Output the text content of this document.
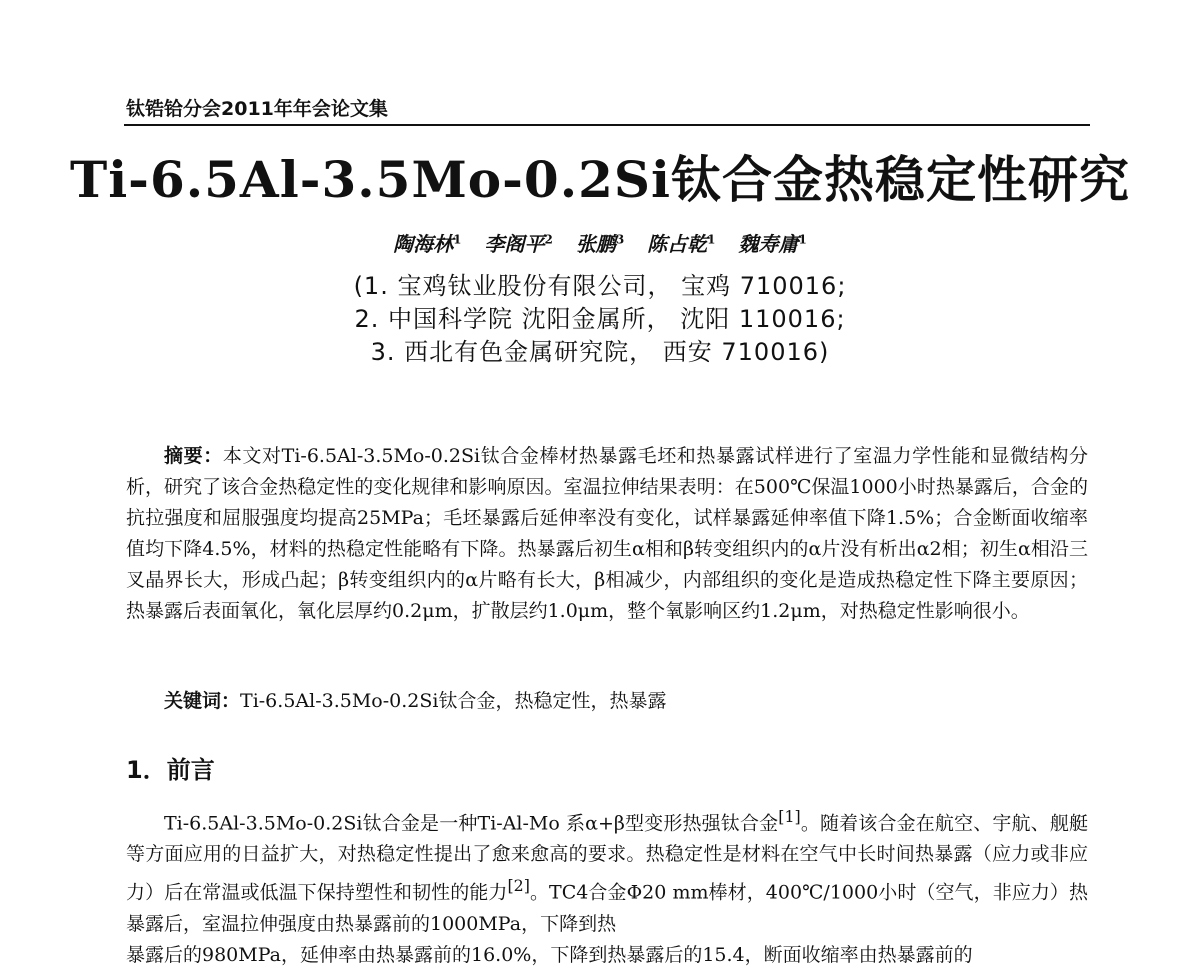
钛锆铪分会2011年年会论文集
Ti-6.5Al-3.5Mo-0.2Si钛合金热稳定性研究
陶海林$^1$ 李阁平$^2$ 张鹏$^3$ 陈占乾$^1$ 魏寿庸$^1$
(1. 宝鸡钛业股份有限公司， 宝鸡 710016;
2. 中国科学院 沈阳金属所， 沈阳 110016;
3. 西北有色金属研究院， 西安 710016)

摘要：本文对Ti-6.5Al-3.5Mo-0.2Si钛合金棒材热暴露毛坯和热暴露试样进行了室温力学性能和显微结构分析，研究了该合金热稳定性的变化规律和影响原因。室温拉伸结果表明：在500℃保温1000小时热暴露后，合金的抗拉强度和屈服强度均提高25MPa；毛坯暴露后延伸率没有变化，试样暴露延伸率值下降1.5%；合金断面收缩率值均下降4.5%，材料的热稳定性能略有下降。热暴露后初生α相和β转变组织内的α片没有析出α2相；初生α相沿三叉晶界长大，形成凸起；β转变组织内的α片略有长大，β相减少，内部组织的变化是造成热稳定性下降主要原因；热暴露后表面氧化，氧化层厚约0.2μm，扩散层约1.0μm，整个氧影响区约1.2μm，对热稳定性影响很小。

关键词：Ti-6.5Al-3.5Mo-0.2Si钛合金，热稳定性，热暴露
1．前言

Ti-6.5Al-3.5Mo-0.2Si钛合金是一种Ti-Al-Mo 系α+β型变形热强钛合金[1]。随着该合金在航空、宇航、舰艇等方面应用的日益扩大，对热稳定性提出了愈来愈高的要求。热稳定性是材料在空气中长时间热暴露（应力或非应力）后在常温或低温下保持塑性和韧性的能力[2]。TC4合金Φ20 mm棒材，400℃/1000小时（空气，非应力）热暴露后，室温拉伸强度由热暴露前的1000MPa，下降到热

暴露后的980MPa，延伸率由热暴露前的16.0%，下降到热暴露后的15.4，断面收缩率由热暴露前的
